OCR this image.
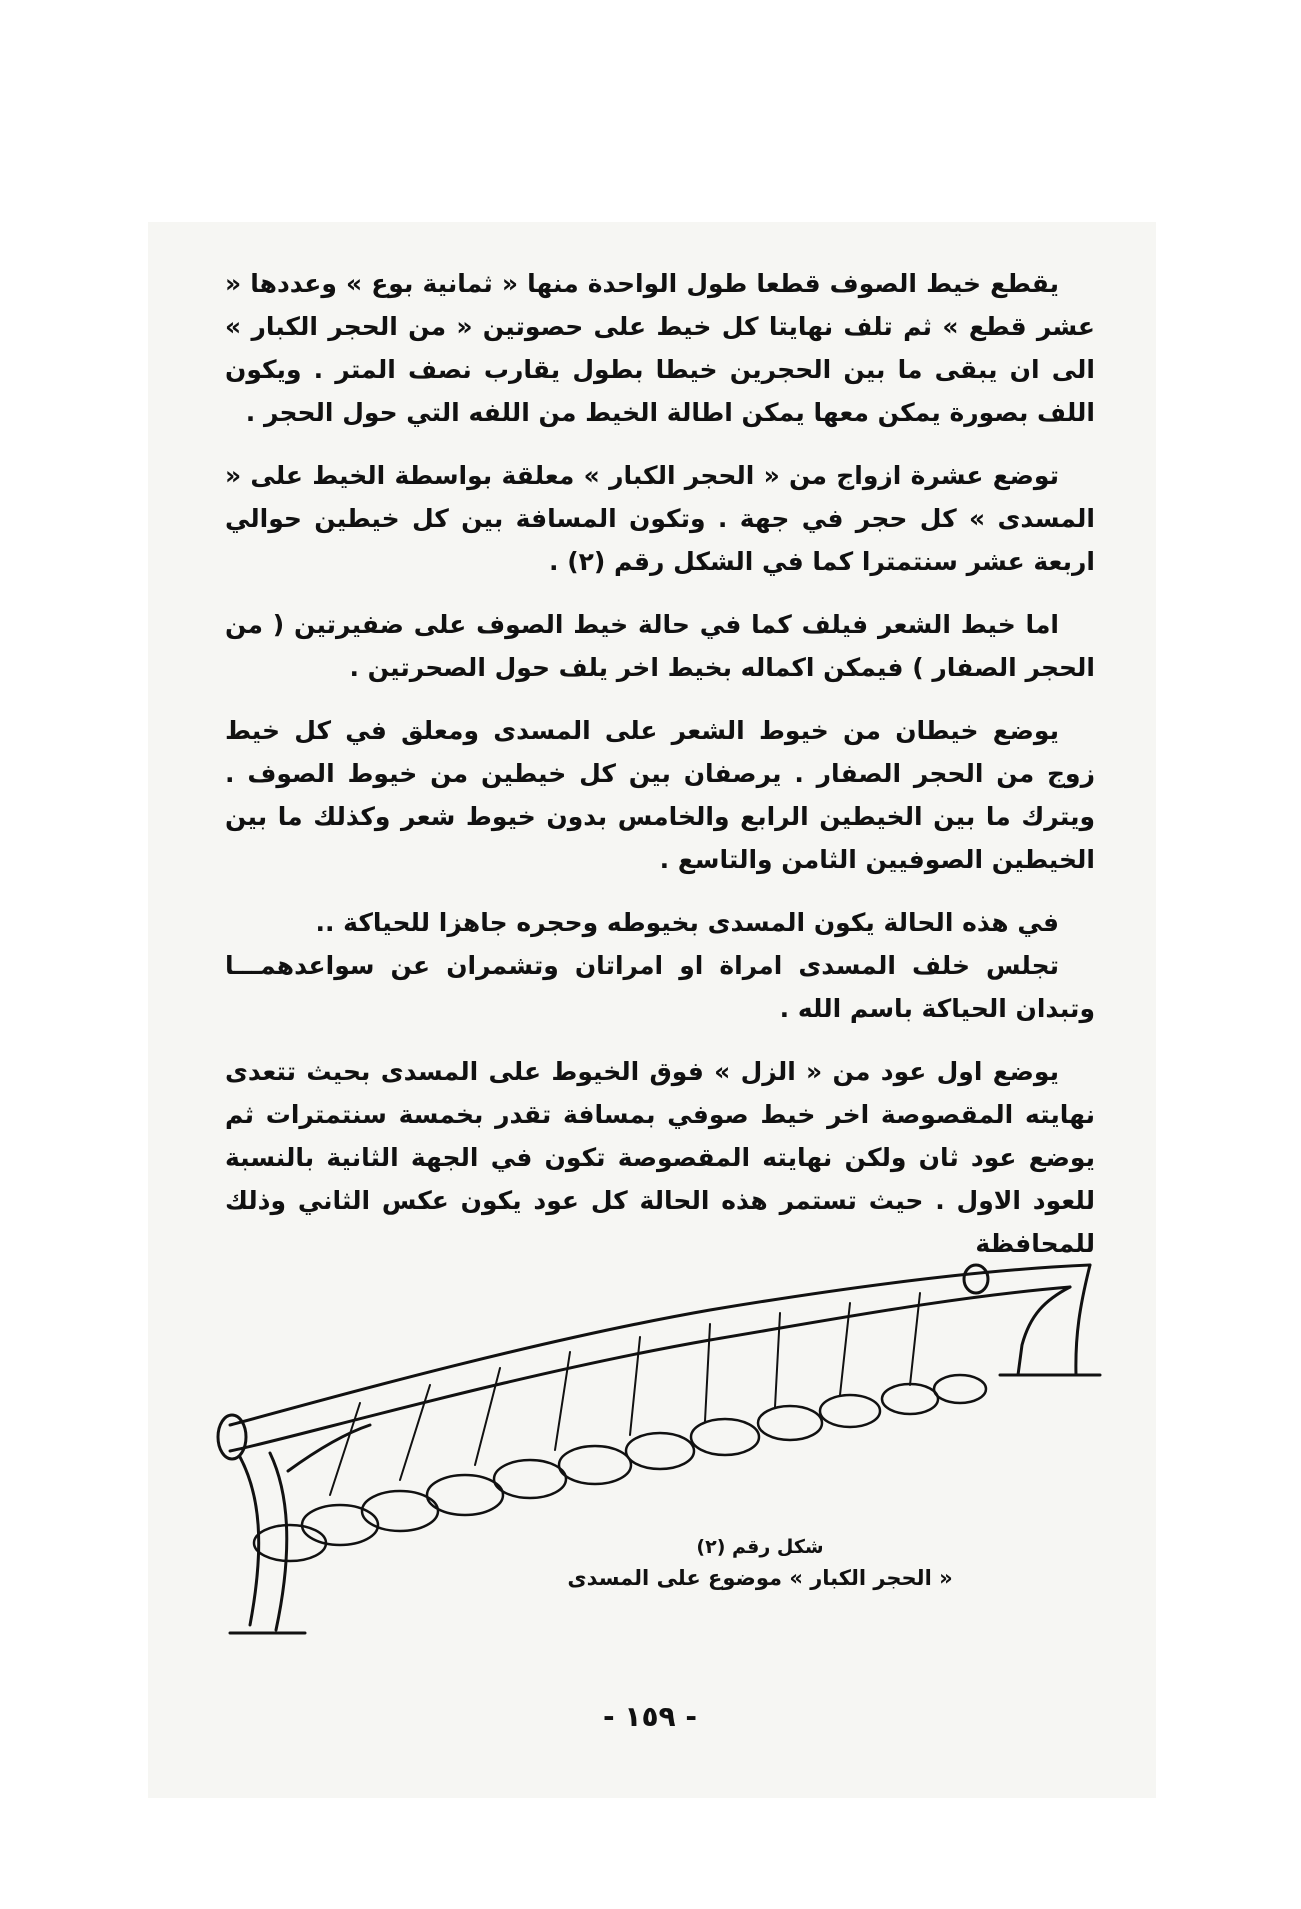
يقطع خيط الصوف قطعا طول الواحدة منها « ثمانية بوع » وعددها « عشر قطع » ثم تلف نهايتا كل خيط على حصوتين « من الحجر الكبار » الى ان يبقى ما بين الحجرين خيطا بطول يقارب نصف المتر . ويكون اللف بصورة يمكن معها يمكن اطالة الخيط من اللفه التي حول الحجر .

توضع عشرة ازواج من « الحجر الكبار » معلقة بواسطة الخيط على « المسدى » كل حجر في جهة . وتكون المسافة بين كل خيطين حوالي اربعة عشر سنتمترا كما في الشكل رقم (٢) .

اما خيط الشعر فيلف كما في حالة خيط الصوف على ضفيرتين ( من الحجر الصفار ) فيمكن اكماله بخيط اخر يلف حول الصحرتين .

يوضع خيطان من خيوط الشعر على المسدى ومعلق في كل خيط زوج من الحجر الصفار . يرصفان بين كل خيطين من خيوط الصوف . ويترك ما بين الخيطين الرابع والخامس بدون خيوط شعر وكذلك ما بين الخيطين الصوفيين الثامن والتاسع .

في هذه الحالة يكون المسدى بخيوطه وحجره جاهزا للحياكة ..

تجلس خلف المسدى امراة او امراتان وتشمران عن سواعدهمـــا وتبدان الحياكة باسم الله .

يوضع اول عود من « الزل » فوق الخيوط على المسدى بحيث تتعدى نهايته المقصوصة اخر خيط صوفي بمسافة تقدر بخمسة سنتمترات ثم يوضع عود ثان ولكن نهايته المقصوصة تكون في الجهة الثانية بالنسبة للعود الاول . حيث تستمر هذه الحالة كل عود يكون عكس الثاني وذلك للمحافظة

شكل رقم (٢)
« الحجر الكبار » موضوع على المسدى
- ١٥٩ -
